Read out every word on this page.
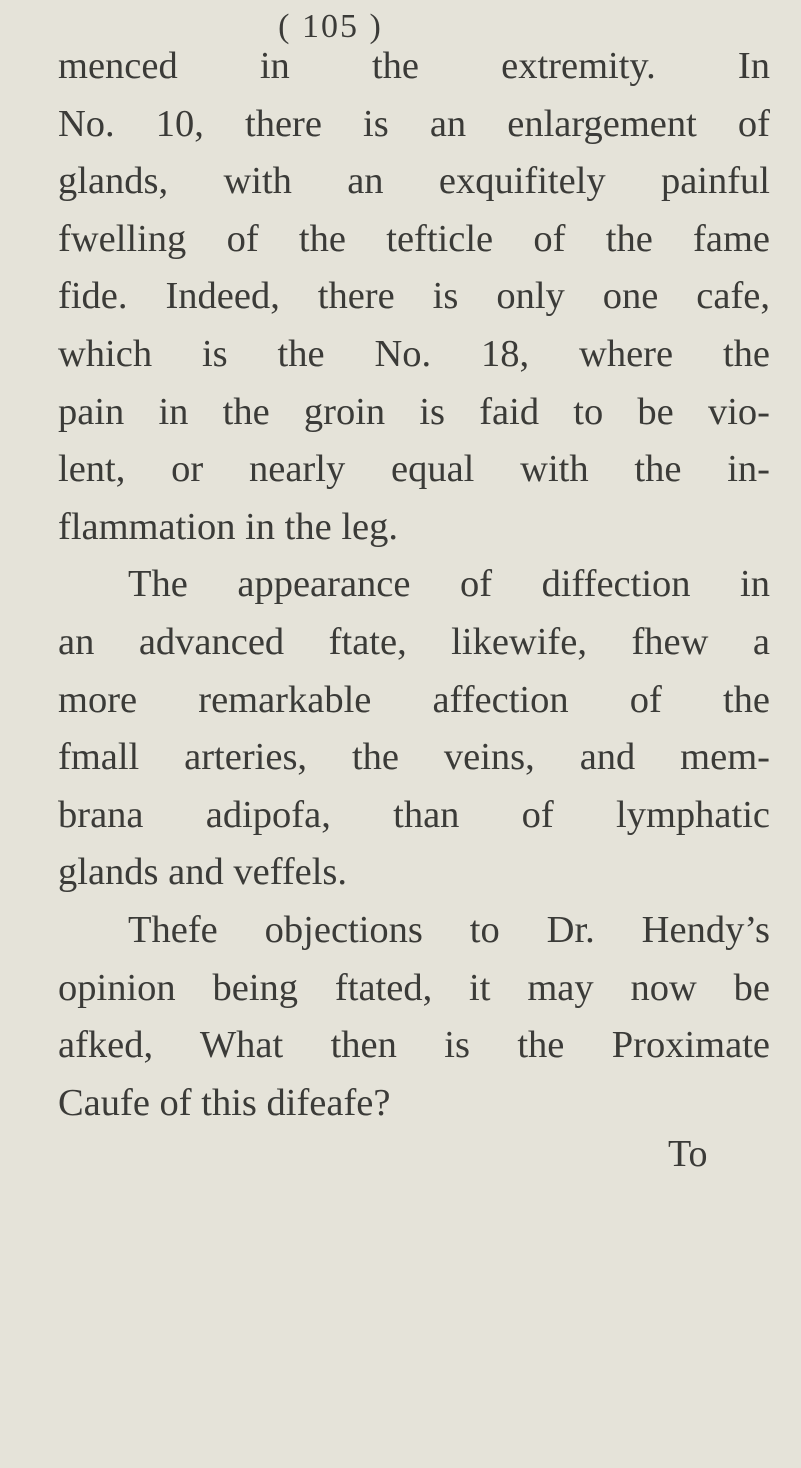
( 105 )
menced in the extremity. In
No. 10, there is an enlargement of
glands, with an exquifitely painful
fwelling of the tefticle of the fame
fide. Indeed, there is only one cafe,
which is the No. 18, where the
pain in the groin is faid to be vio-
lent, or nearly equal with the in-
flammation in the leg.
The appearance of diffection in
an advanced ftate, likewife, fhew a
more remarkable affection of the
fmall arteries, the veins, and mem-
brana adipofa, than of lymphatic
glands and veffels.
Thefe objections to Dr. Hendy’s
opinion being ftated, it may now be
afked, What then is the Proximate
Caufe of this difeafe?
To
